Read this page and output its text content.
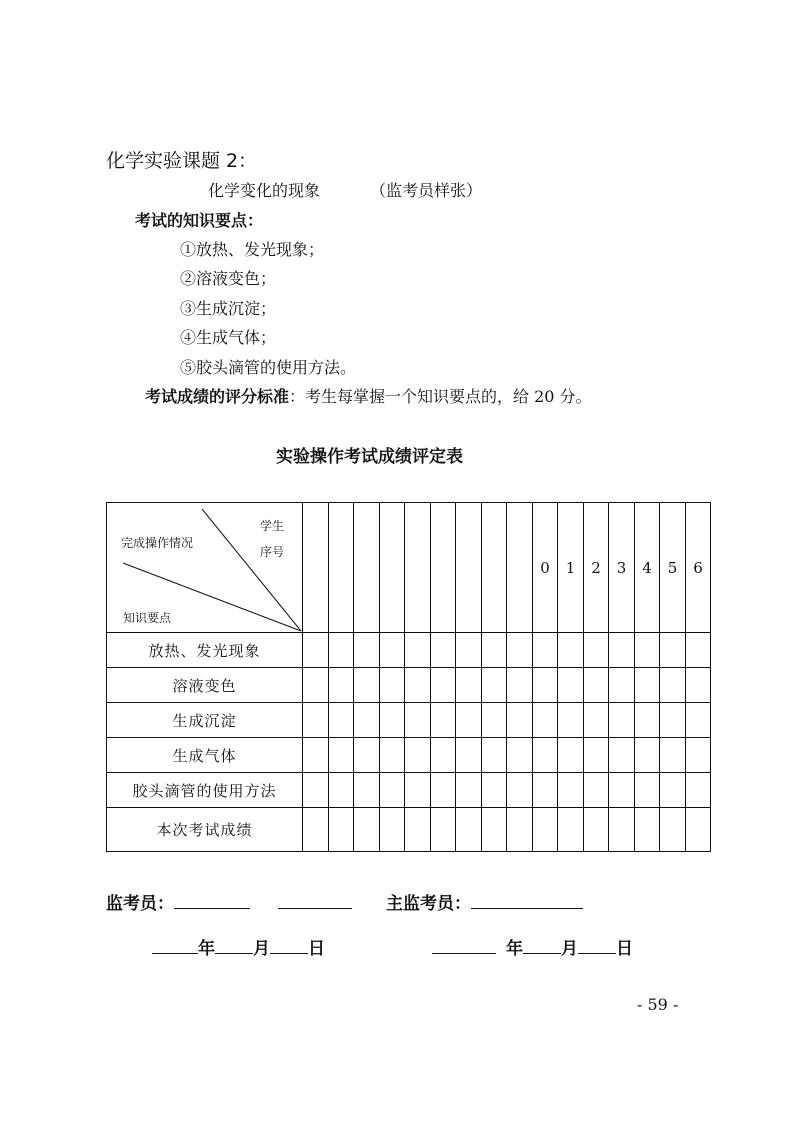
化学实验课题 2：
化学变化的现象	（监考员样张）
考试的知识要点：
①放热、发光现象；
②溶液变色；
③生成沉淀；
④生成气体；
⑤胶头滴管的使用方法。
考试成绩的评分标准：考生每掌握一个知识要点的，给 20 分。
实验操作考试成绩评定表
学生
序号
完成操作情况
知识要点										0	1	2	3	4	5	6
放热、发光现象																
溶液变色																
生成沉淀																
生成气体																
胶头滴管的使用方法																
本次考试成绩																
监考员：	主监考员：
年 月 日	年 月 日
- 59 -
